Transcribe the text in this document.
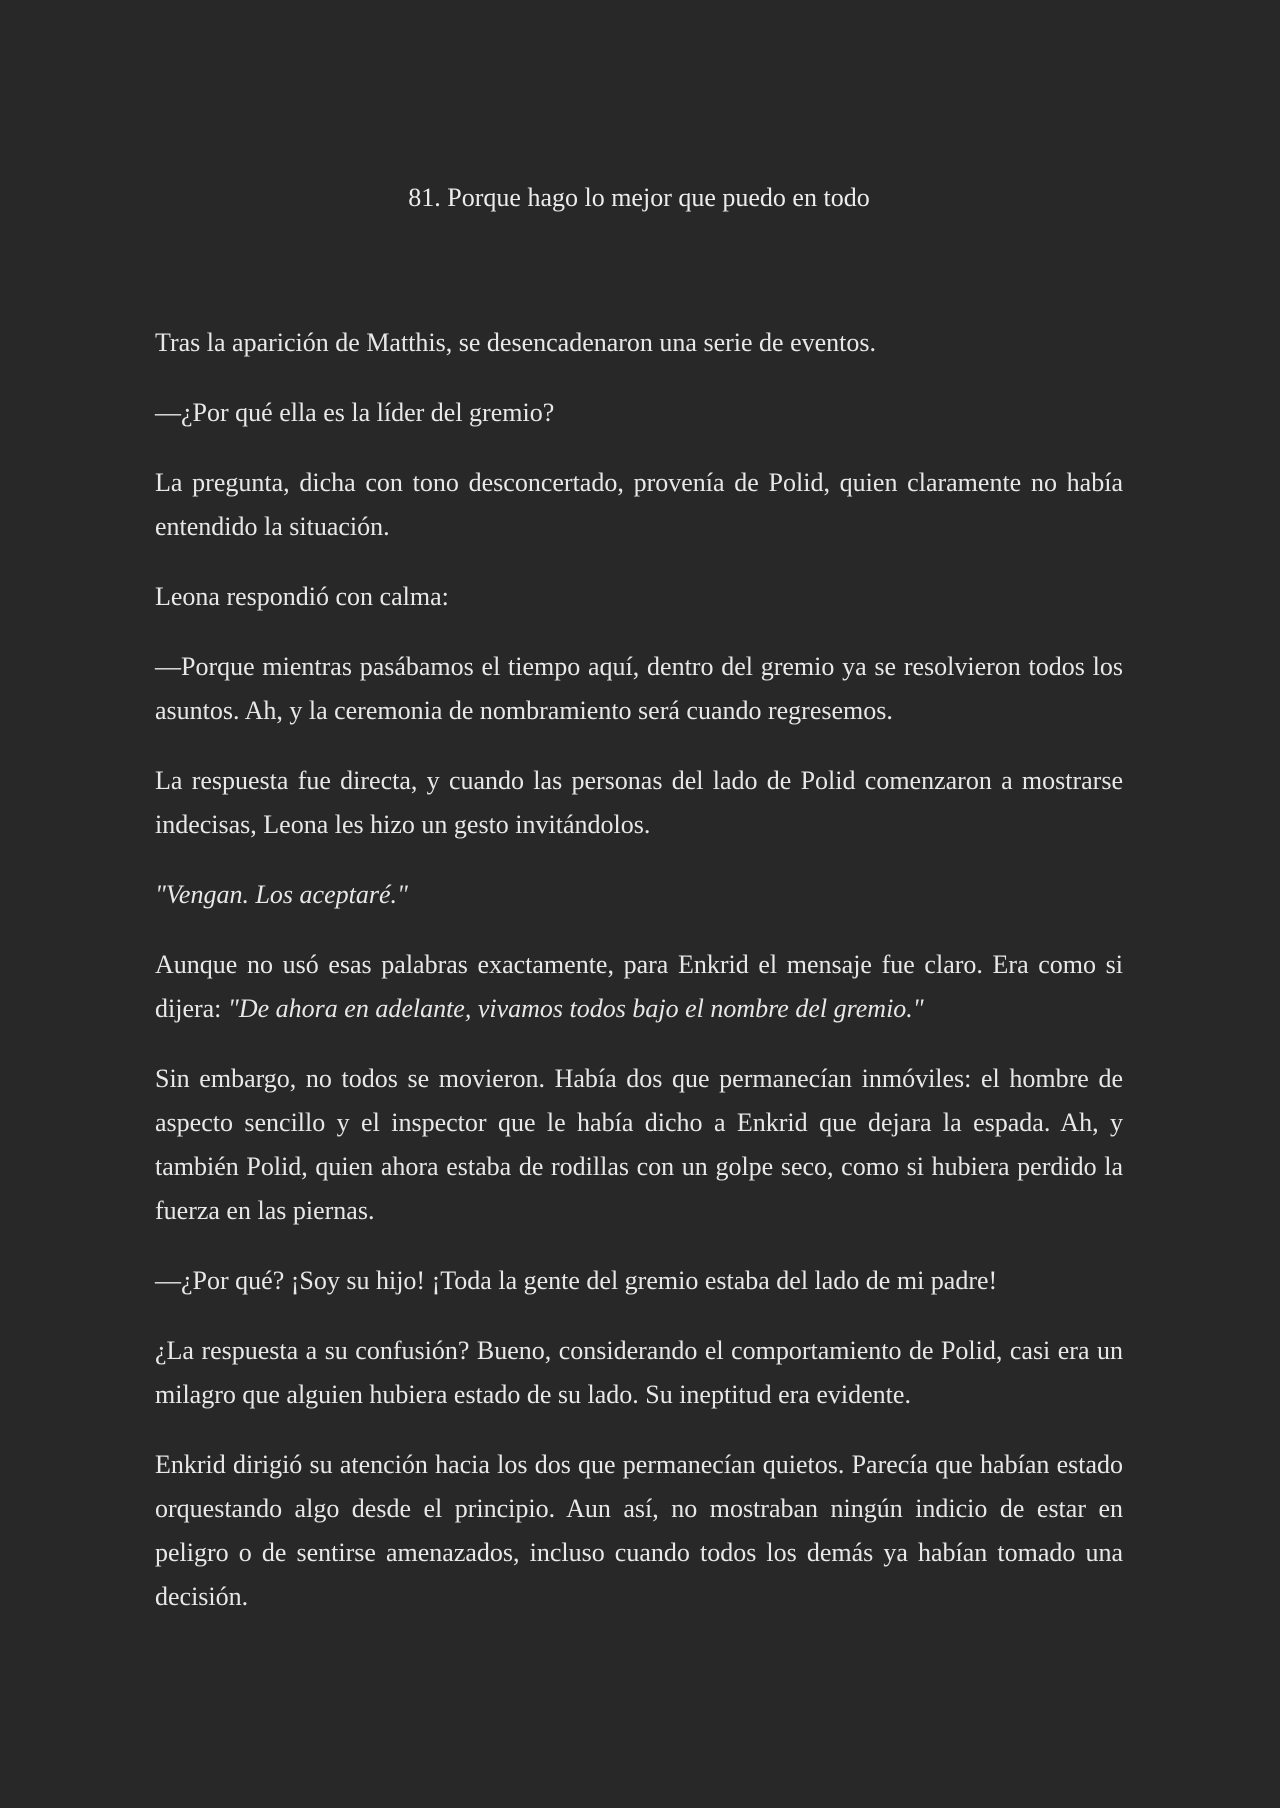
81. Porque hago lo mejor que puedo en todo

Tras la aparición de Matthis, se desencadenaron una serie de eventos.

—¿Por qué ella es la líder del gremio?

La pregunta, dicha con tono desconcertado, provenía de Polid, quien claramente no había entendido la situación.

Leona respondió con calma:

—Porque mientras pasábamos el tiempo aquí, dentro del gremio ya se resolvieron todos los asuntos. Ah, y la ceremonia de nombramiento será cuando regresemos.

La respuesta fue directa, y cuando las personas del lado de Polid comenzaron a mostrarse indecisas, Leona les hizo un gesto invitándolos.

"Vengan. Los aceptaré."

Aunque no usó esas palabras exactamente, para Enkrid el mensaje fue claro. Era como si dijera: "De ahora en adelante, vivamos todos bajo el nombre del gremio."

Sin embargo, no todos se movieron. Había dos que permanecían inmóviles: el hombre de aspecto sencillo y el inspector que le había dicho a Enkrid que dejara la espada. Ah, y también Polid, quien ahora estaba de rodillas con un golpe seco, como si hubiera perdido la fuerza en las piernas.

—¿Por qué? ¡Soy su hijo! ¡Toda la gente del gremio estaba del lado de mi padre!

¿La respuesta a su confusión? Bueno, considerando el comportamiento de Polid, casi era un milagro que alguien hubiera estado de su lado. Su ineptitud era evidente.

Enkrid dirigió su atención hacia los dos que permanecían quietos. Parecía que habían estado orquestando algo desde el principio. Aun así, no mostraban ningún indicio de estar en peligro o de sentirse amenazados, incluso cuando todos los demás ya habían tomado una decisión.
